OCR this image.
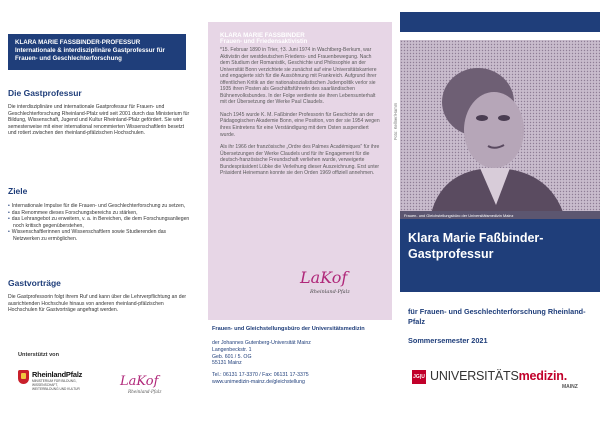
KLARA MARIE FASSBINDER-PROFESSUR
Internationale & interdisziplinäre Gastprofessur für Frauen- und Geschlechterforschung
Die Gastprofessur
Die interdisziplinäre und internationale Gastprofessur für Frauen- und Geschlechterforschung Rheinland-Pfalz wird seit 2001 durch das Ministerium für Bildung, Wissenschaft, Jugend und Kultur Rheinland-Pfalz gefördert. Sie wird semesterweise mit einer international renommierten Wissenschaftlerin besetzt und rotiert zwischen den rheinland-pfälzischen Hochschulen.
Ziele
• Internationale Impulse für die Frauen- und Geschlechterforschung zu setzen,
• das Renommee dieses Forschungsbereichs zu stärken,
• das Lehrangebot zu erweitern, v. a. in Bereichen, die dem Forschungsanliegen noch kritisch gegenüberstehen,
• Wissenschaftlerinnen und Wissenschaftlern sowie Studierenden das Netzwerken zu ermöglichen.
Gastvorträge
Die Gastprofessorin folgt ihrem Ruf und kann über die Lehrverpflichtung an der ausrichtenden Hochschule hinaus von anderen rheinland-pfälzischen Hochschulen für Gastvorträge angefragt werden.
Unterstützt von
RheinlandPfalz
MINISTERIUM FÜR BILDUNG, WISSENSCHAFT, WEITERBILDUNG UND KULTUR	LaKof
Rheinland-Pfalz
KLARA MARIE FASSBINDER
Frauen- und Friedensaktivistin

*15. Februar 1890 in Trier, †3. Juni 1974 in Wachtberg-Berkum, war Aktivistin der westdeutschen Friedens- und Frauenbewegung. Nach dem Studium der Romanistik, Geschichte und Philosophie an der Universität Bonn verzichtete sie zunächst auf eine Universitätskarriere und engagierte sich für die Aussöhnung mit Frankreich. Aufgrund ihrer öffentlichen Kritik an der nationalsozialistischen Judenpolitik verlor sie 1935 ihren Posten als Geschäftsführerin des saarländischen Bühnenvolksbundes. In der Folge verdiente sie ihren Lebensunterhalt mit der Übersetzung der Werke Paul Claudels.

Nach 1945 wurde K. M. Faßbinder Professorin für Geschichte an der Pädagogischen Akademie Bonn, eine Position, von der sie 1954 wegen ihres Eintretens für eine Verständigung mit dem Osten suspendiert wurde.

Als ihr 1966 der französische „Ordre des Palmes Académiques“ für ihre Übersetzungen der Werke Claudels und für ihr Engagement für die deutsch-französische Freundschaft verliehen wurde, verweigerte Bundespräsident Lübke die Verleihung dieser Auszeichnung. Erst unter Präsident Heinemann konnte sie den Orden 1969 offiziell annehmen.

LaKof
Rheinland-Pfalz
Frauen- und Gleichstellungsbüro der Universitätsmedizin
der Johannes Gutenberg-Universität Mainz
Langenbeckstr. 1
Geb. 601 / 5. OG
55131 Mainz
Tel.: 06131 17-3370 / Fax: 06131 17-3375
www.unimedizin-mainz.de/gleichstellung
Foto: Kellner/Hamm
Frauen- und Gleichstellungsbüro der Universitätsmedizin Mainz
Klara Marie Faßbinder-Gastprofessur
für Frauen- und Geschlechterforschung Rheinland-Pfalz
Sommersemester 2021
JG|U UNIVERSITÄTSmedizin.
MAINZ
